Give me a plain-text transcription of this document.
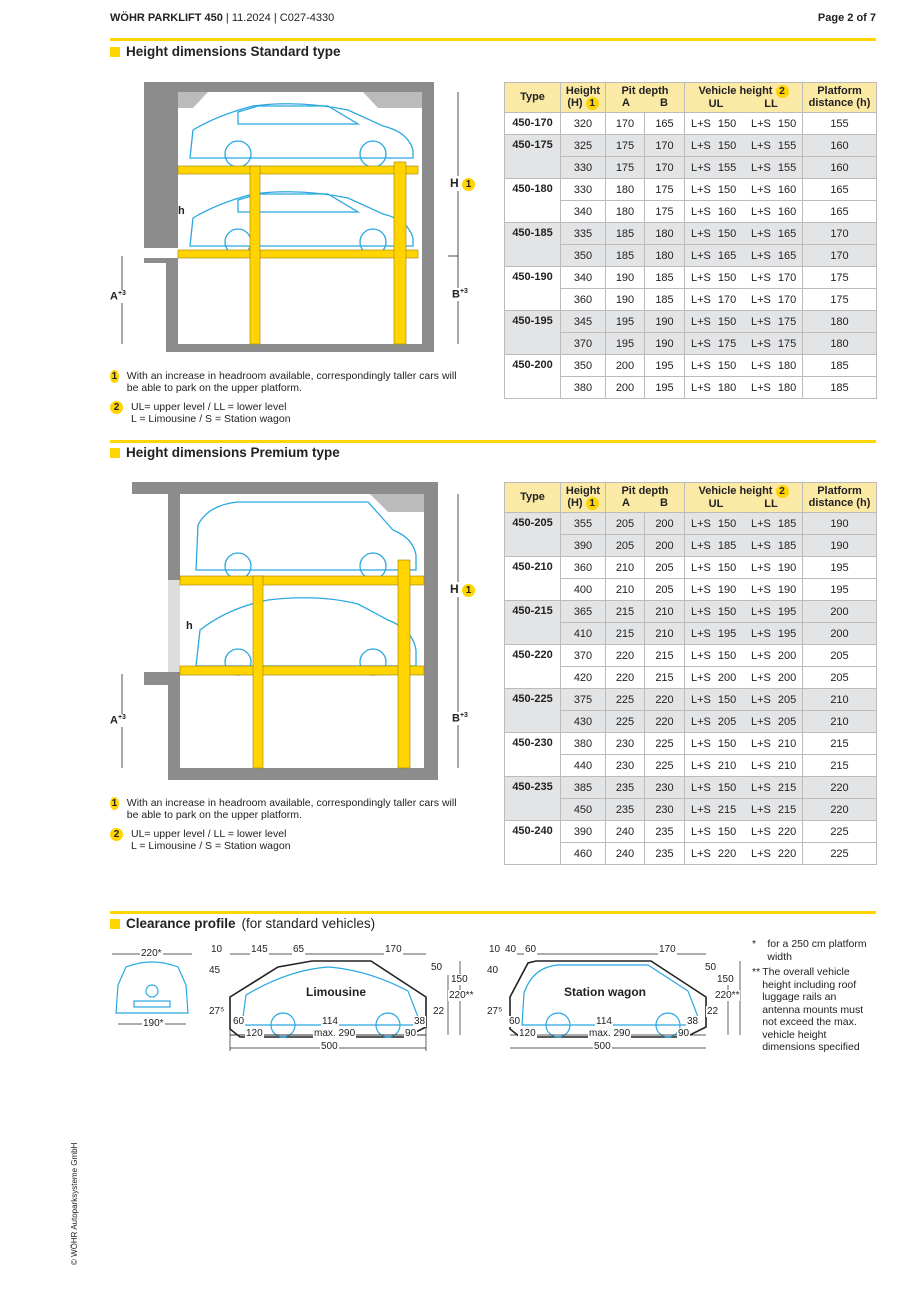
WÖHR PARKLIFT 450 | 11.2024 | C027-4330	Page 2 of 7
Height dimensions Standard type
H 1
h
$A^{+3}$	$B^{+3}$
Type	Height
(H) 1	Pit depth
A B		Vehicle height 2
UL LL	Platform
distance (h)
450-170	320	170	165	L+S 150 L+S 150	155
450-175	325	175	170	L+S 150 L+S 155	160
	330	175	170	L+S 155 L+S 155	160
450-180	330	180	175	L+S 150 L+S 160	165
	340	180	175	L+S 160 L+S 160	165
450-185	335	185	180	L+S 150 L+S 165	170
	350	185	180	L+S 165 L+S 165	170
450-190	340	190	185	L+S 150 L+S 170	175
	360	190	185	L+S 170 L+S 170	175
450-195	345	195	190	L+S 150 L+S 175	180
	370	195	190	L+S 175 L+S 175	180
450-200	350	200	195	L+S 150 L+S 180	185
	380	200	195	L+S 180 L+S 180	185
1 With an increase in headroom available, correspondingly taller cars will be able to park on the upper platform.
2	UL= upper level / LL = lower level
L = Limousine / S = Station wagon
Height dimensions Premium type
H 1
h
$A^{+3}$	$B^{+3}$
Type	Height
(H) 1	Pit depth
A B		Vehicle height 2
UL LL	Platform
distance (h)
450-205	355	205	200	L+S 150 L+S 185	190
	390	205	200	L+S 185 L+S 185	190
450-210	360	210	205	L+S 150 L+S 190	195
	400	210	205	L+S 190 L+S 190	195
450-215	365	215	210	L+S 150 L+S 195	200
	410	215	210	L+S 195 L+S 195	200
450-220	370	220	215	L+S 150 L+S 200	205
	420	220	215	L+S 200 L+S 200	205
450-225	375	225	220	L+S 150 L+S 205	210
	430	225	220	L+S 205 L+S 205	210
450-230	380	230	225	L+S 150 L+S 210	215
	440	230	225	L+S 210 L+S 210	215
450-235	385	235	230	L+S 150 L+S 215	220
	450	235	230	L+S 215 L+S 215	220
450-240	390	240	235	L+S 150 L+S 220	225
	460	240	235	L+S 220 L+S 220	225
1 With an increase in headroom available, correspondingly taller cars will be able to park on the upper platform.
2	UL= upper level / LL = lower level
L = Limousine / S = Station wagon
Clearance profile (for standard vehicles)
220*
190*
10	145	65	170
45	50
150
220**
Limousine
27⁵	22
60	114	38
120	max. 290	90
500
10 40 60	170
40	50
150
220**
Station wagon
27⁵	22
60	114	38
120	max. 290	90
500
*	for a 250 cm platform width
** The overall vehicle height including roof luggage rails an antenna mounts must not exceed the max. vehicle height dimensions specified
© WÖHR Autoparksysteme GmbH
